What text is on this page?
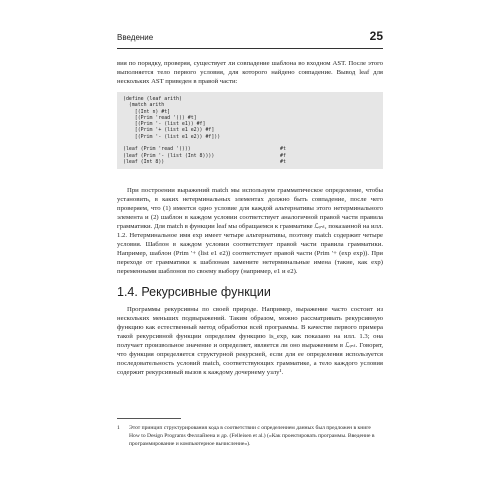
Введение	25

вия по порядку, проверяя, существует ли совпадение шаблона во входном AST. После этого выполняется тело первого условия, для которого найдено совпадение. Вывод leaf для нескольких AST приведен в правой части:

(define (leaf arith)
(match arith
[(Int n) #t]
[(Prim 'read '()) #t]
[(Prim '- (list e1)) #f]
[(Prim '+ (list e1 e2)) #f]
[(Prim '- (list e1 e2)) #f]))
(leaf (Prim 'read '()))	#t
(leaf (Prim '- (list (Int 8))))	#f
(leaf (Int 8))	#t

При построении выражений match мы используем грамматическое определение, чтобы установить, в каких нетерминальных элементах должно быть совпадение, после чего проверяем, что (1) имеется одно условие для каждой альтернативы этого нетерминального элемента и (2) шаблон в каждом условии соответствует аналогичной правой части правила грамматики. Для match в функции leaf мы обращаемся к грамматике ℒᵢₙₜ, показанной на илл. 1.2. Нетерминальное имя exp имеет четыре альтернативы, поэтому match содержит четыре условия. Шаблон в каждом условии соответствует правой части правила грамматики. Например, шаблон (Prim '+ (list e1 e2)) соответствует правой части (Prim '+ (exp exp)). При переходе от грамматики к шаблонам замените нетерминальные имена (такие, как exp) переменными шаблонов по своему выбору (например, e1 и e2).

1.4. Рекурсивные функции

Программы рекурсивны по своей природе. Например, выражение часто состоит из нескольких меньших подвыражений. Таким образом, можно рассматривать рекурсивную функцию как естественный метод обработки всей программы. В качестве первого примера такой рекурсивной функции определим функцию is_exp, как показано на илл. 1.3; она получает произвольное значение и определяет, является ли оно выражением в ℒᵢₙₜ. Говорят, что функция определяется структурной рекурсией, если для ее определения используется последовательность условий match, соответствующих грамматике, а тело каждого условия содержит рекурсивный вызов к каждому дочернему узлу¹.

1 Этот принцип структурирования кода в соответствии с определением данных был предложен в книге How to Design Programs Феллайзена и др. (Felleisen et al.) («Как проектировать программы. Введение в программирование и компьютерное вычисление»).
